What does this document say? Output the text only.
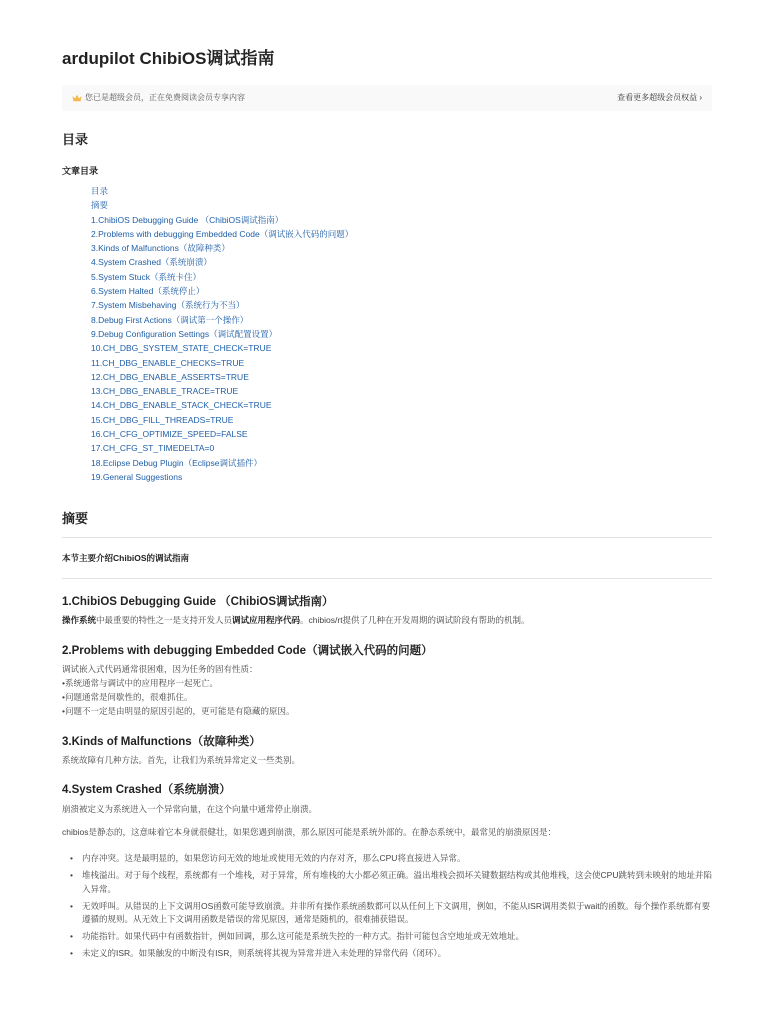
ardupilot ChibiOS调试指南
您已是超级会员，正在免费阅读会员专享内容	查看更多超级会员权益 ›
目录
文章目录
目录
摘要
1.ChibiOS Debugging Guide （ChibiOS调试指南）
2.Problems with debugging Embedded Code（调试嵌入代码的问题）
3.Kinds of Malfunctions（故障种类）
4.System Crashed（系统崩溃）
5.System Stuck（系统卡住）
6.System Halted（系统停止）
7.System Misbehaving（系统行为不当）
8.Debug First Actions（调试第一个操作）
9.Debug Configuration Settings（调试配置设置）
10.CH_DBG_SYSTEM_STATE_CHECK=TRUE
11.CH_DBG_ENABLE_CHECKS=TRUE
12.CH_DBG_ENABLE_ASSERTS=TRUE
13.CH_DBG_ENABLE_TRACE=TRUE
14.CH_DBG_ENABLE_STACK_CHECK=TRUE
15.CH_DBG_FILL_THREADS=TRUE
16.CH_CFG_OPTIMIZE_SPEED=FALSE
17.CH_CFG_ST_TIMEDELTA=0
18.Eclipse Debug Plugin（Eclipse调试插件）
19.General Suggestions
摘要
本节主要介绍ChibiOS的调试指南
1.ChibiOS Debugging Guide （ChibiOS调试指南）
操作系统中最重要的特性之一是支持开发人员调试应用程序代码。chibios/rt提供了几种在开发周期的调试阶段有帮助的机制。
2.Problems with debugging Embedded Code（调试嵌入代码的问题）
调试嵌入式代码通常很困难，因为任务的固有性质：
•系统通常与调试中的应用程序一起死亡。
•问题通常是间歇性的，很难抓住。
•问题不一定是由明显的原因引起的，更可能是有隐藏的原因。
3.Kinds of Malfunctions（故障种类）
系统故障有几种方法。首先，让我们为系统异常定义一些类别。
4.System Crashed（系统崩溃）
崩溃被定义为系统进入一个异常向量，在这个向量中通常停止崩溃。
chibios是静态的，这意味着它本身就很健壮，如果您遇到崩溃，那么原因可能是系统外部的。在静态系统中，最常见的崩溃原因是：
• 内存冲突。这是最明显的，如果您访问无效的地址或使用无效的内存对齐，那么CPU将直接进入异常。
• 堆栈溢出。对于每个线程，系统都有一个堆栈，对于异常，所有堆栈的大小都必须正确。溢出堆栈会损坏关键数据结构或其他堆栈，这会使CPU跳转到未映射的地址并陷入异常。
• 无效呼叫。从错误的上下文调用OS函数可能导致崩溃。并非所有操作系统函数都可以从任何上下文调用，例如，不能从ISR调用类似于wait的函数。每个操作系统都有要遵循的规则。从无效上下文调用函数是错误的常见原因，通常是随机的，很难捕获错误。
• 功能指针。如果代码中有函数指针，例如回调，那么这可能是系统失控的一种方式。指针可能包含空地址或无效地址。
• 未定义的ISR。如果触发的中断没有ISR，则系统将其视为异常并进入未处理的异常代码（闭环）。
